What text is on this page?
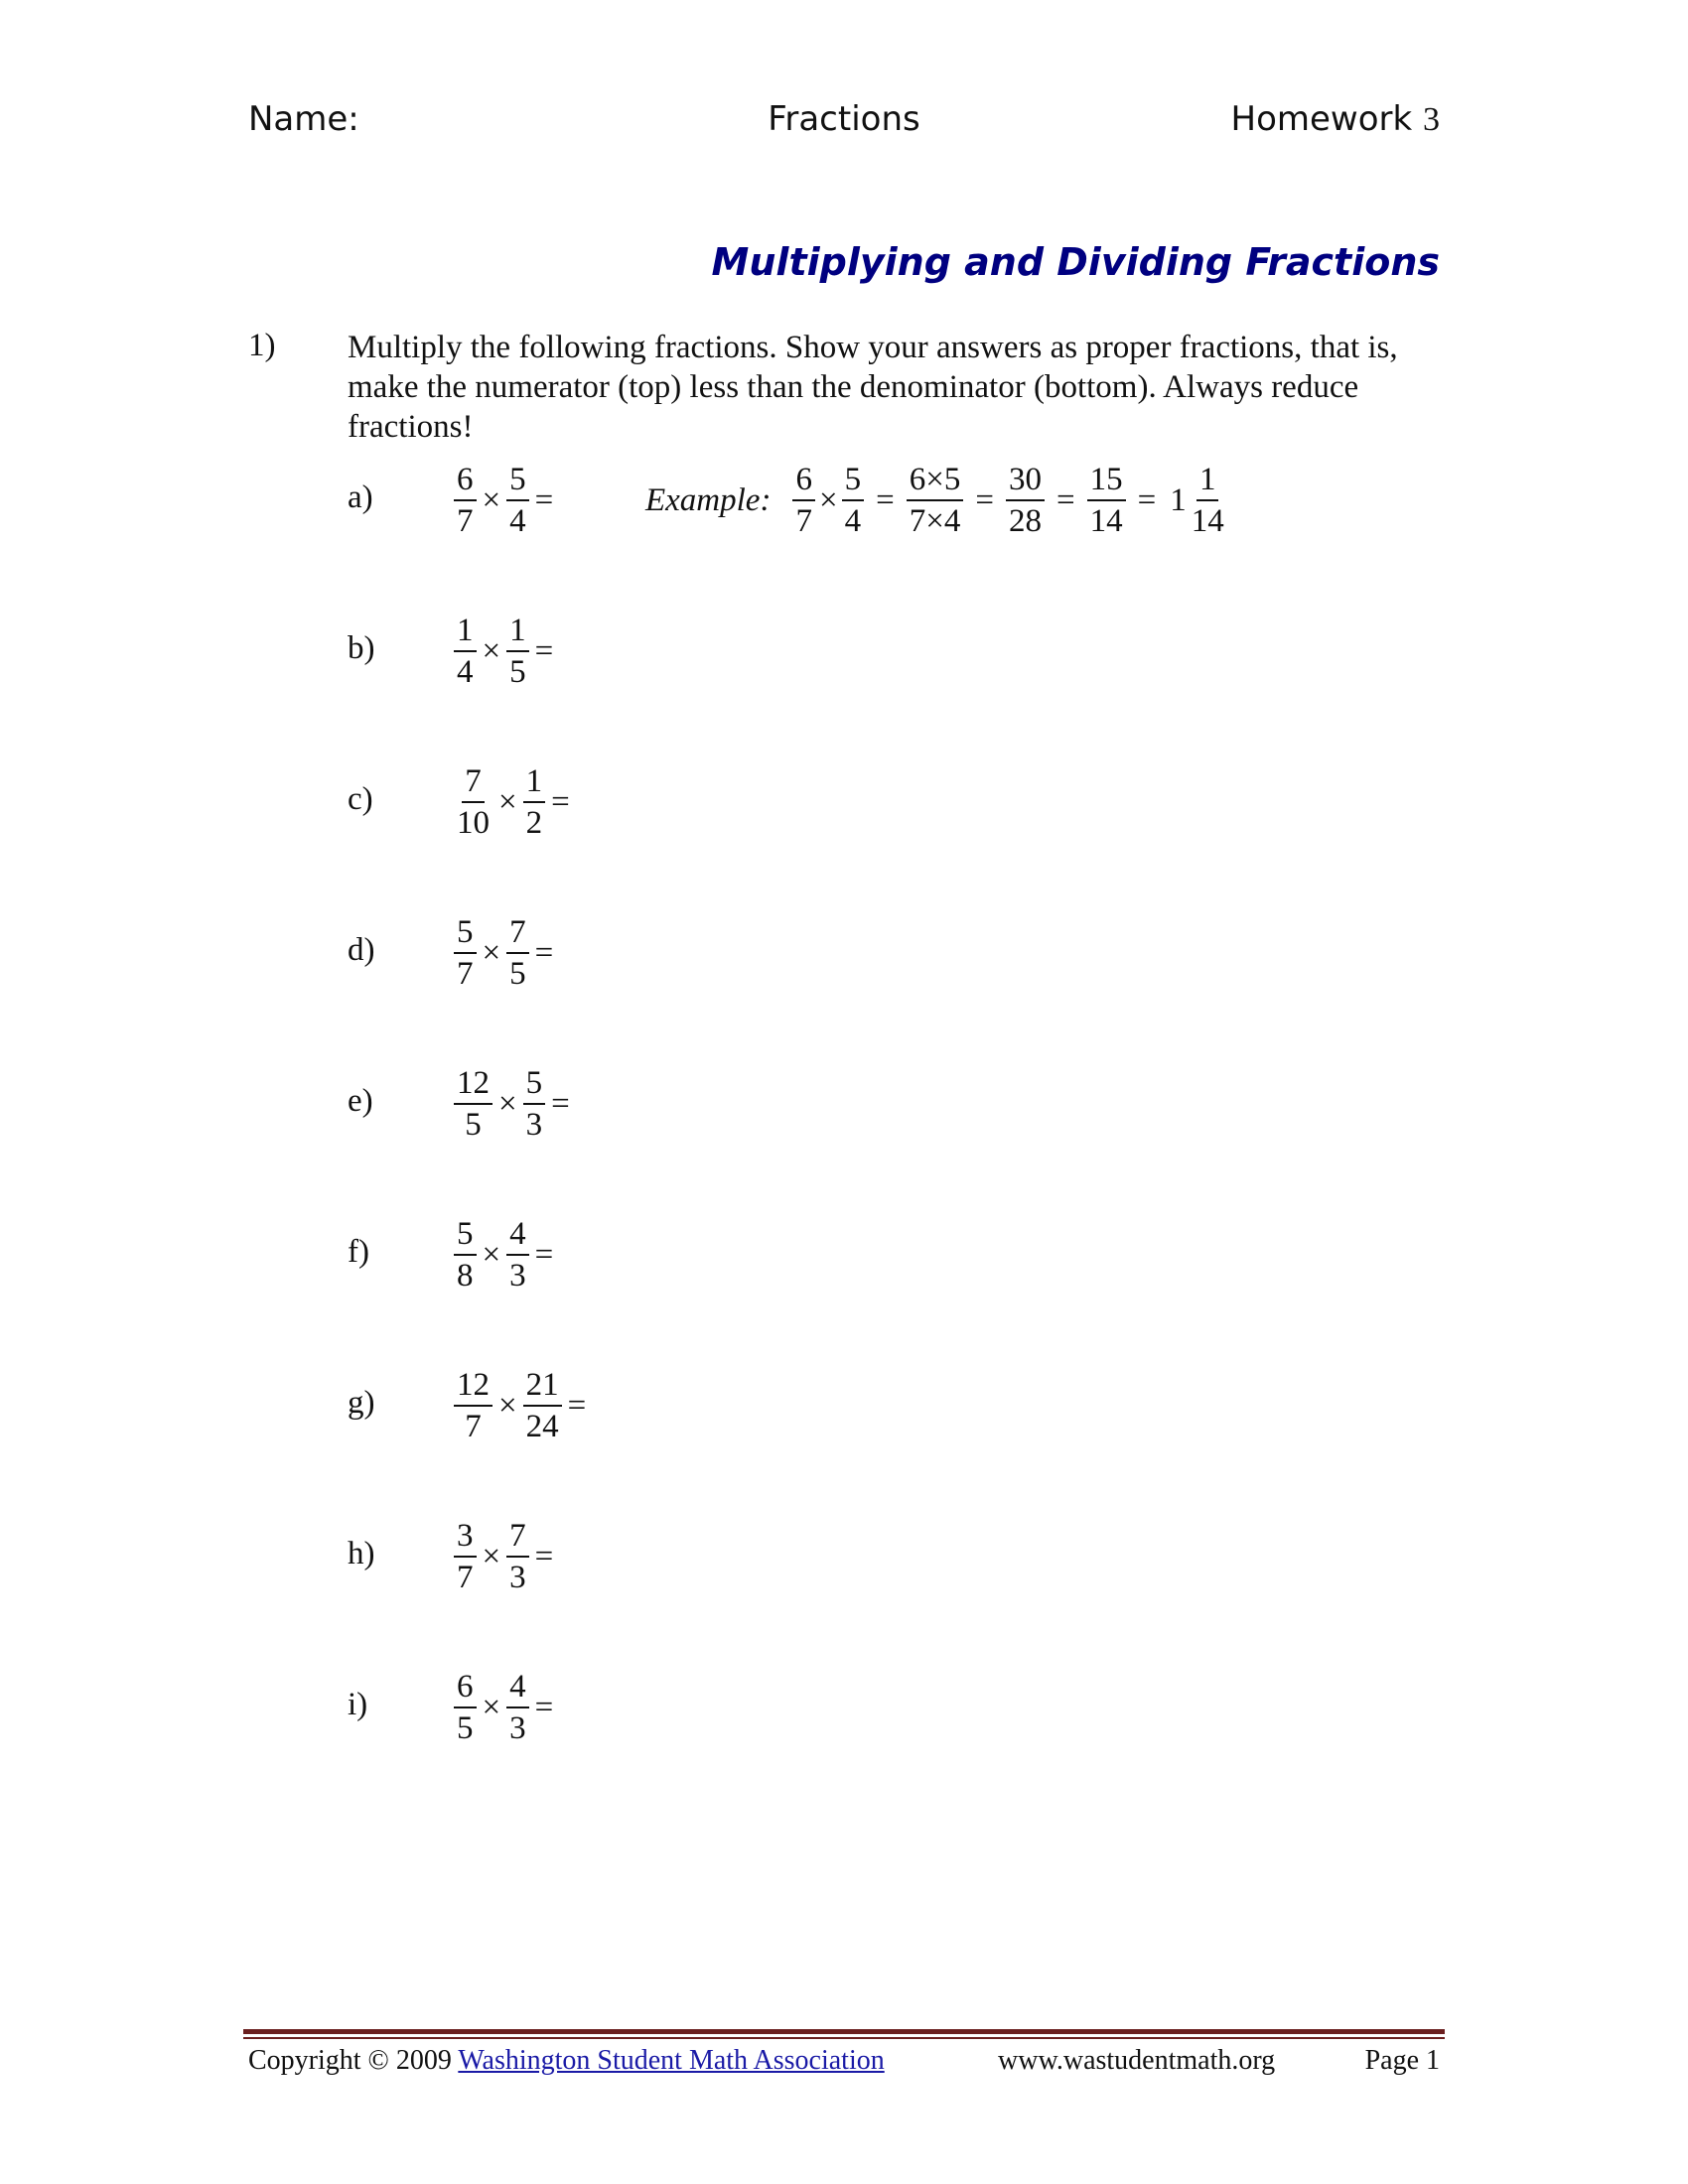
Name:	Fractions	Homework 3
Multiplying and Dividing Fractions
1) Multiply the following fractions. Show your answers as proper fractions, that is, make the numerator (top) less than the denominator (bottom). Always reduce fractions!
Example: $\frac{6}{7} \times \frac{5}{4} = \frac{6\times 5}{7\times 4} = \frac{30}{28} = \frac{15}{14} = 1 \frac{1}{14}$
$a) \frac{6}{7} \times \frac{5}{4}$ =
$b) \frac{1}{4} \times \frac{1}{5}$ =
$c) \frac{7}{10} \times \frac{1}{2}$ =
$d) \frac{5}{7} \times \frac{7}{5}$ =
$e) \frac{12}{5} \times \frac{5}{3}$ =
f)	$\frac{5}{8} \times \frac{4}{3}$ =
$g) \frac{12}{7} \times \frac{21}{24}$ =
$h) \frac{3}{7} \times \frac{7}{3}$ =
i)	$\frac{6}{5} \times \frac{4}{3}$ =
Copyright © 2009 Washington Student Math Association	www.wastudentmath.org	Page 1
